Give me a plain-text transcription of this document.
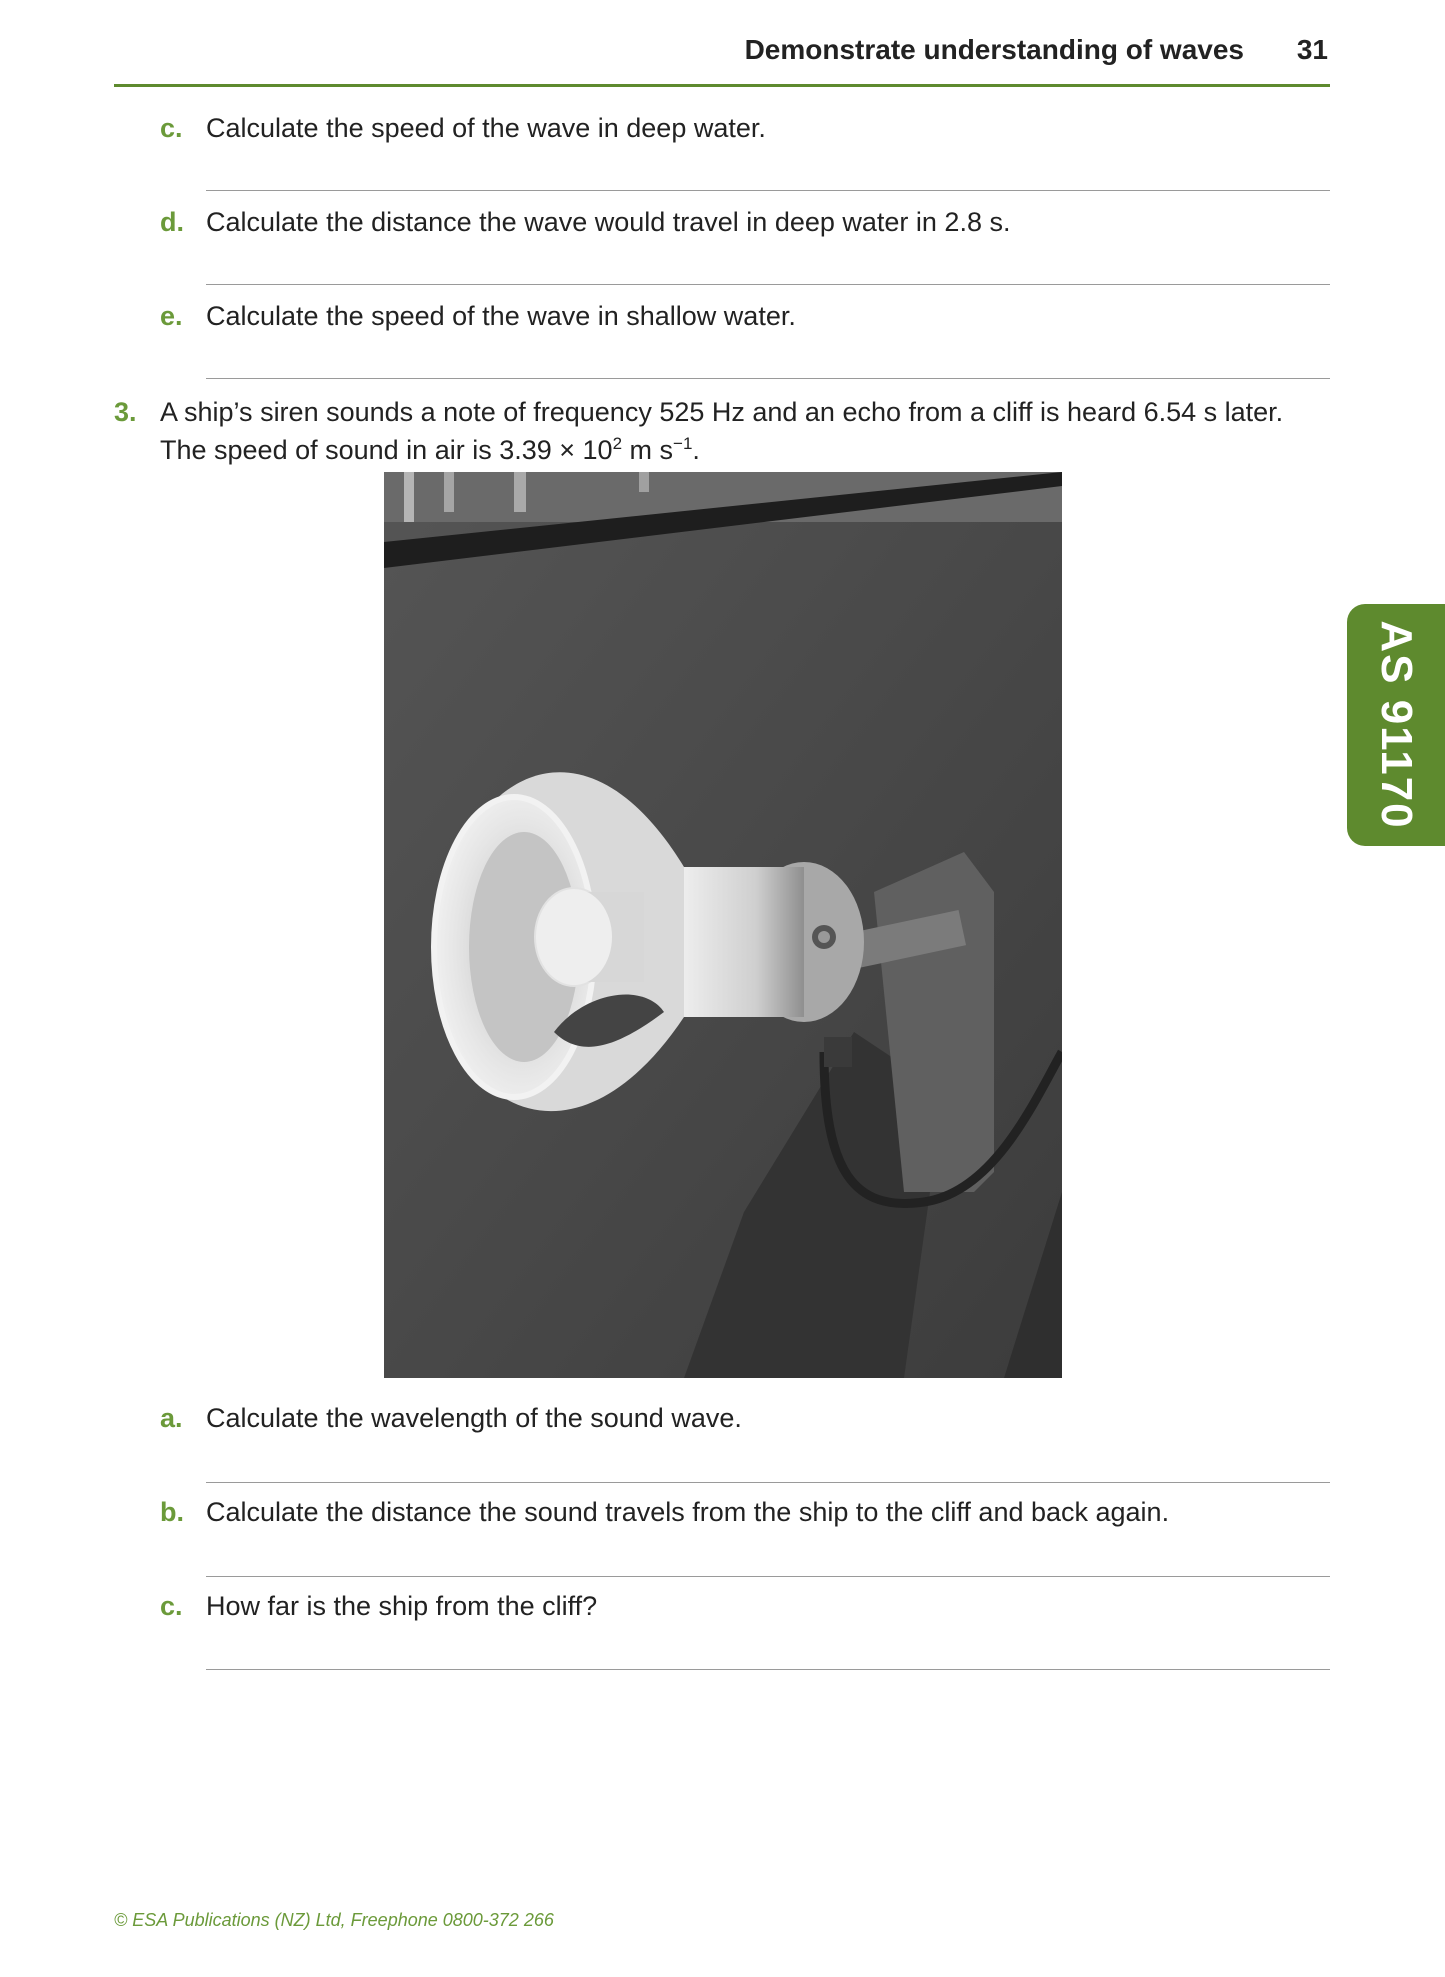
Demonstrate understanding of waves 31
c. Calculate the speed of the wave in deep water.
d. Calculate the distance the wave would travel in deep water in 2.8 s.
e. Calculate the speed of the wave in shallow water.
3. A ship’s siren sounds a note of frequency 525 Hz and an echo from a cliff is heard 6.54 s later. The speed of sound in air is $3.39 \times 10^2$ m $s^{-1}$.
a. Calculate the wavelength of the sound wave.
b. Calculate the distance the sound travels from the ship to the cliff and back again.
c. How far is the ship from the cliff?
AS 91170
© ESA Publications (NZ) Ltd, Freephone 0800-372 266
